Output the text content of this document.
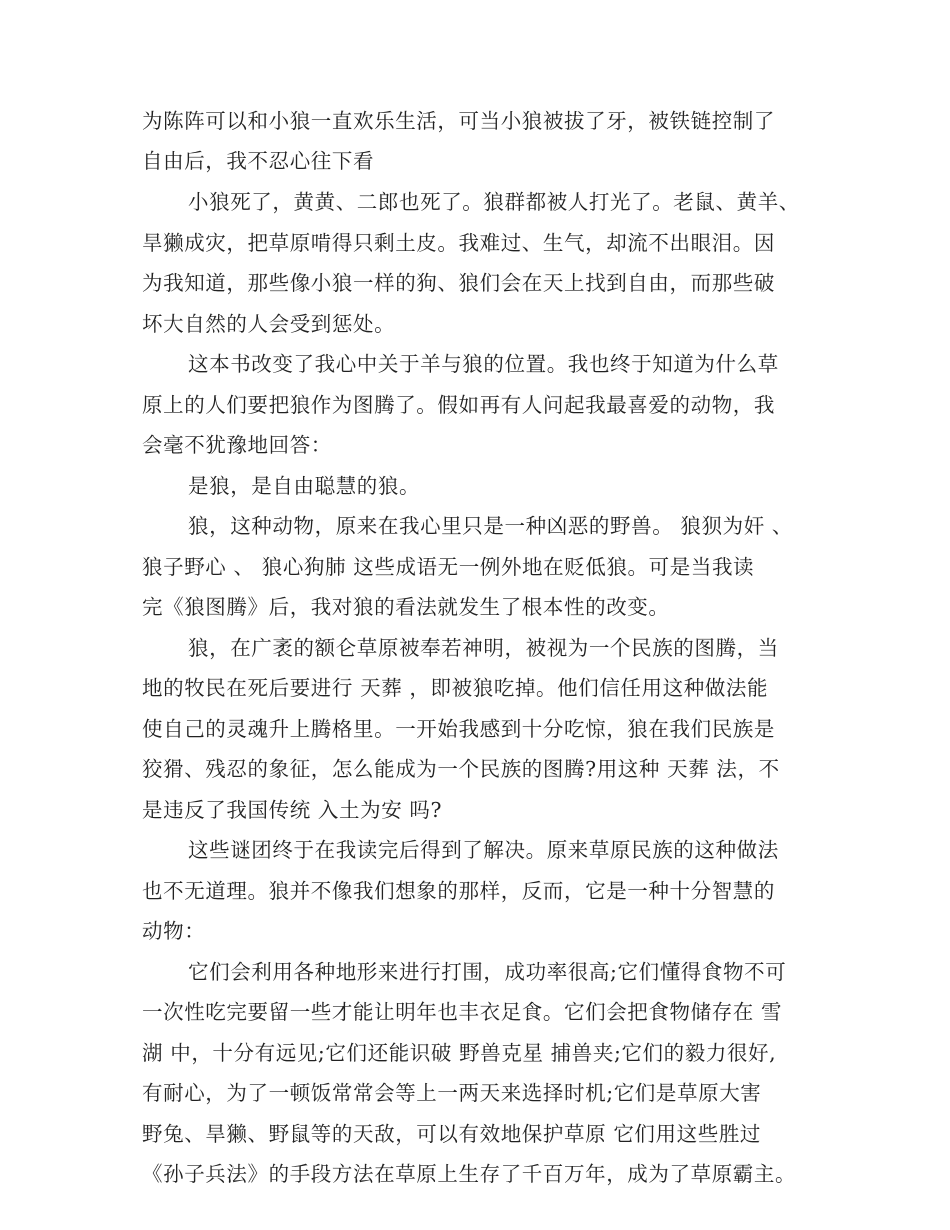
为陈阵可以和小狼一直欢乐生活，可当小狼被拔了牙，被铁链控制了
自由后，我不忍心往下看
小狼死了，黄黄、二郎也死了。狼群都被人打光了。老鼠、黄羊、
旱獭成灾，把草原啃得只剩土皮。我难过、生气，却流不出眼泪。因
为我知道，那些像小狼一样的狗、狼们会在天上找到自由，而那些破
坏大自然的人会受到惩处。
这本书改变了我心中关于羊与狼的位置。我也终于知道为什么草
原上的人们要把狼作为图腾了。假如再有人问起我最喜爱的动物，我
会毫不犹豫地回答：
是狼，是自由聪慧的狼。
狼，这种动物，原来在我心里只是一种凶恶的野兽。 狼狈为奸 、
狼子野心 、 狼心狗肺 这些成语无一例外地在贬低狼。可是当我读
完《狼图腾》后，我对狼的看法就发生了根本性的改变。
狼，在广袤的额仑草原被奉若神明，被视为一个民族的图腾，当
地的牧民在死后要进行 天葬 ，即被狼吃掉。他们信任用这种做法能
使自己的灵魂升上腾格里。一开始我感到十分吃惊，狼在我们民族是
狡猾、残忍的象征，怎么能成为一个民族的图腾?用这种 天葬 法，不
是违反了我国传统 入土为安 吗?
这些谜团终于在我读完后得到了解决。原来草原民族的这种做法
也不无道理。狼并不像我们想象的那样，反而，它是一种十分智慧的
动物：
它们会利用各种地形来进行打围，成功率很高;它们懂得食物不可
一次性吃完要留一些才能让明年也丰衣足食。它们会把食物储存在 雪
湖 中，十分有远见;它们还能识破 野兽克星 捕兽夹;它们的毅力很好,
有耐心，为了一顿饭常常会等上一两天来选择时机;它们是草原大害
野兔、旱獭、野鼠等的天敌，可以有效地保护草原 它们用这些胜过
《孙子兵法》的手段方法在草原上生存了千百万年，成为了草原霸主。
